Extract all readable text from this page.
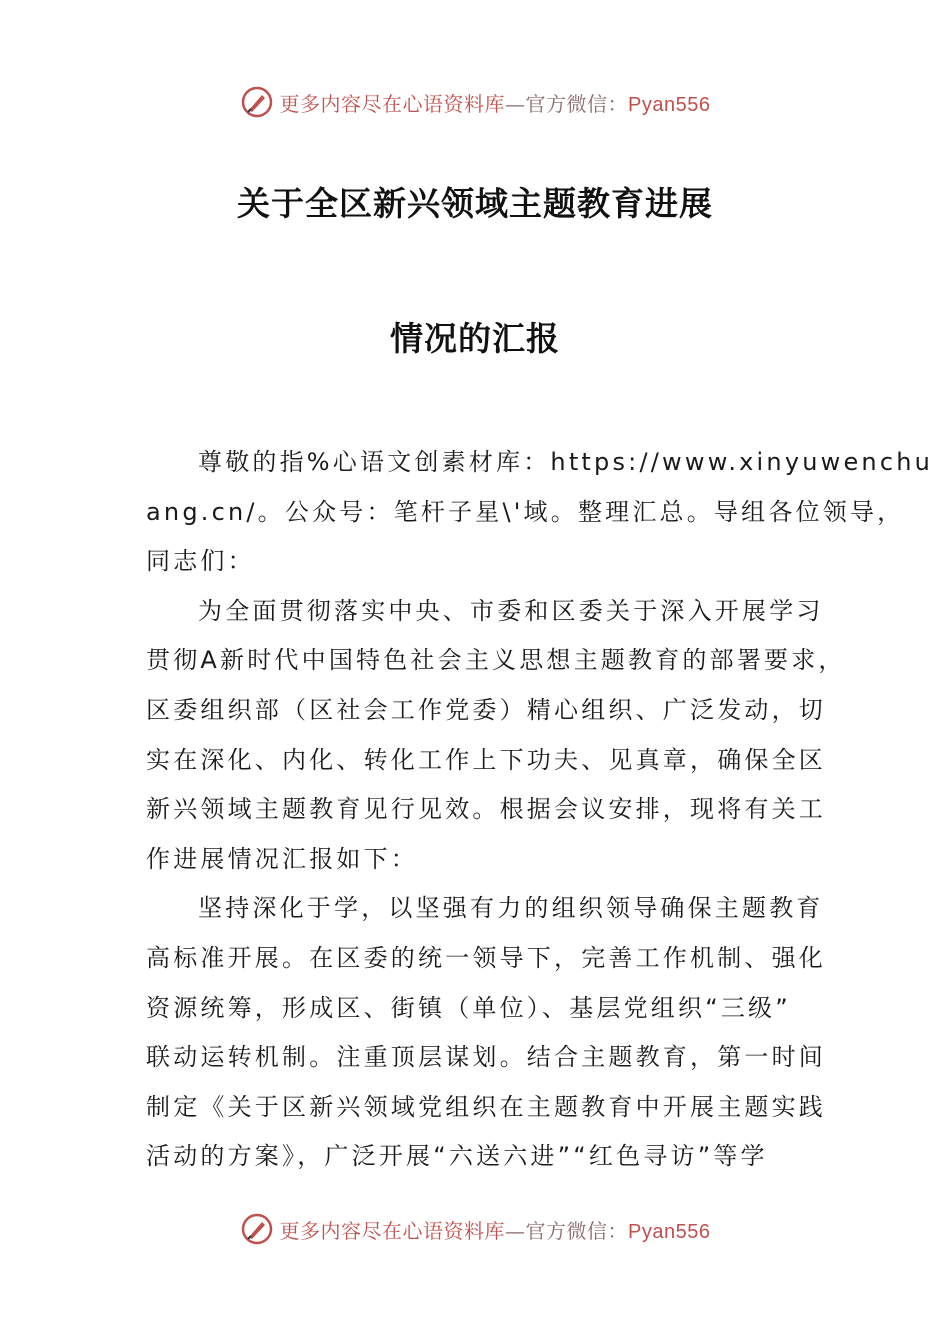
更多内容尽在心语资料库—官方微信：Pyan556
关于全区新兴领域主题教育进展
情况的汇报
尊敬的指%心语文创素材库：https://www.xinyuwenchu
ang.cn/。公众号：笔杆子星\'域。整理汇总。导组各位领导，
同志们：
为全面贯彻落实中央、市委和区委关于深入开展学习
贯彻A新时代中国特色社会主义思想主题教育的部署要求，
区委组织部（区社会工作党委）精心组织、广泛发动，切
实在深化、内化、转化工作上下功夫、见真章，确保全区
新兴领域主题教育见行见效。根据会议安排，现将有关工
作进展情况汇报如下：
坚持深化于学，以坚强有力的组织领导确保主题教育
高标准开展。在区委的统一领导下，完善工作机制、强化
资源统筹，形成区、街镇（单位）、基层党组织“三级”
联动运转机制。注重顶层谋划。结合主题教育，第一时间
制定《关于区新兴领域党组织在主题教育中开展主题实践
活动的方案》，广泛开展“六送六进”“红色寻访”等学
更多内容尽在心语资料库—官方微信：Pyan556
